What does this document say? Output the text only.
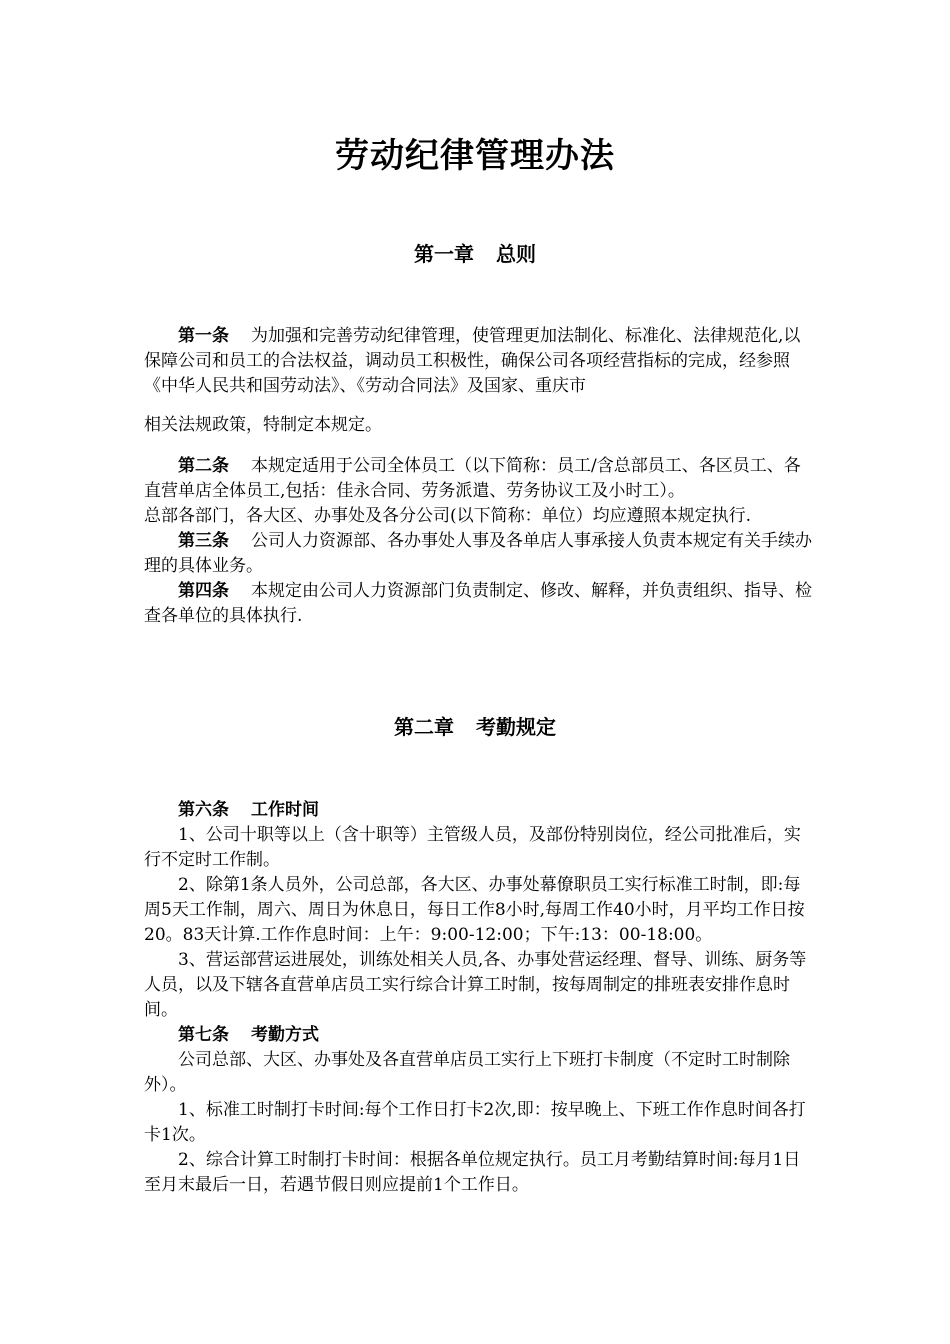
劳动纪律管理办法
第一章 总则

第一条 为加强和完善劳动纪律管理，使管理更加法制化、标准化、法律规范化,以保障公司和员工的合法权益，调动员工积极性，确保公司各项经营指标的完成，经参照《中华人民共和国劳动法》、《劳动合同法》及国家、重庆市

相关法规政策，特制定本规定。

第二条 本规定适用于公司全体员工（以下简称：员工/含总部员工、各区员工、各直营单店全体员工,包括：佳永合同、劳务派遣、劳务协议工及小时工）。

总部各部门，各大区、办事处及各分公司(以下简称：单位）均应遵照本规定执行.

第三条 公司人力资源部、各办事处人事及各单店人事承接人负责本规定有关手续办理的具体业务。

第四条 本规定由公司人力资源部门负责制定、修改、解释，并负责组织、指导、检查各单位的具体执行.

第二章 考勤规定

第六条 工作时间

1、公司十职等以上（含十职等）主管级人员，及部份特别岗位，经公司批准后，实行不定时工作制。

2、除第1条人员外，公司总部，各大区、办事处幕僚职员工实行标准工时制，即:每周5天工作制，周六、周日为休息日，每日工作8小时,每周工作40小时，月平均工作日按20。83天计算.工作作息时间：上午：9:00-12:00；下午:13：00-18:00。

3、营运部营运进展处，训练处相关人员,各、办事处营运经理、督导、训练、厨务等人员，以及下辖各直营单店员工实行综合计算工时制，按每周制定的排班表安排作息时间。

第七条 考勤方式

公司总部、大区、办事处及各直营单店员工实行上下班打卡制度（不定时工时制除外）。

1、标准工时制打卡时间:每个工作日打卡2次,即：按早晚上、下班工作作息时间各打卡1次。

2、综合计算工时制打卡时间：根据各单位规定执行。员工月考勤结算时间:每月1日至月末最后一日，若遇节假日则应提前1个工作日。
